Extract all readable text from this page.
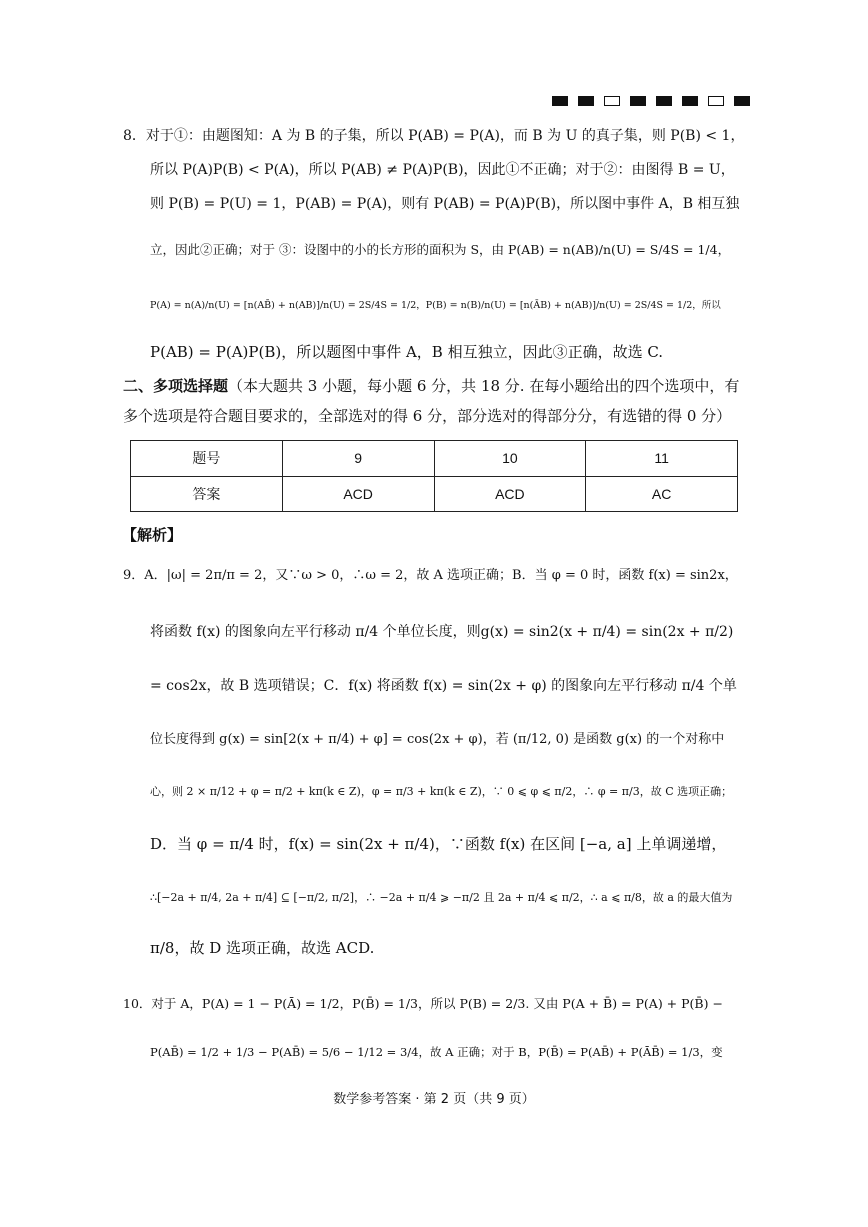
8．对于①：由题图知：A 为 B 的子集，所以 P(AB) = P(A)，而 B 为 U 的真子集，则 P(B) < 1，
所以 P(A)P(B) < P(A)，所以 P(AB) ≠ P(A)P(B)，因此①不正确；对于②：由图得 B = U，
则 P(B) = P(U) = 1，P(AB) = P(A)，则有 P(AB) = P(A)P(B)，所以图中事件 A，B 相互独
立，因此②正确；对于 ③：设图中的小的长方形的面积为 S，由 P(AB) = n(AB)/n(U) = S/4S = 1/4，
P(A) = n(A)/n(U) = [n(AB̄) + n(AB)]/n(U) = 2S/4S = 1/2，P(B) = n(B)/n(U) = [n(ĀB) + n(AB)]/n(U) = 2S/4S = 1/2，所以
P(AB) = P(A)P(B)，所以题图中事件 A，B 相互独立，因此③正确，故选 C.
二、多项选择题（本大题共 3 小题，每小题 6 分，共 18 分. 在每小题给出的四个选项中，有
多个选项是符合题目要求的，全部选对的得 6 分，部分选对的得部分分，有选错的得 0 分）
题号	9	10	11
答案	ACD	ACD	AC
【解析】
9．A．|ω| = 2π/π = 2，又∵ω > 0，∴ω = 2，故 A 选项正确；B．当 φ = 0 时，函数 f(x) = sin2x，
将函数 f(x) 的图象向左平行移动 π/4 个单位长度，则g(x) = sin2(x + π/4) = sin(2x + π/2)
= cos2x，故 B 选项错误；C．f(x) 将函数 f(x) = sin(2x + φ) 的图象向左平行移动 π/4 个单
位长度得到 g(x) = sin[2(x + π/4) + φ] = cos(2x + φ)，若 (π/12, 0) 是函数 g(x) 的一个对称中
心，则 2 × π/12 + φ = π/2 + kπ(k ∈ Z)，φ = π/3 + kπ(k ∈ Z)，∵ 0 ⩽ φ ⩽ π/2，∴ φ = π/3，故 C 选项正确；
D．当 φ = π/4 时，f(x) = sin(2x + π/4)，∵函数 f(x) 在区间 [−a, a] 上单调递增，
∴[−2a + π/4, 2a + π/4] ⊆ [−π/2, π/2]，∴ −2a + π/4 ⩾ −π/2 且 2a + π/4 ⩽ π/2，∴ a ⩽ π/8，故 a 的最大值为
π/8，故 D 选项正确，故选 ACD.
10．对于 A，P(A) = 1 − P(Ā) = 1/2，P(B̄) = 1/3，所以 P(B) = 2/3. 又由 P(A + B̄) = P(A) + P(B̄) −
P(AB̄) = 1/2 + 1/3 − P(AB̄) = 5/6 − 1/12 = 3/4，故 A 正确；对于 B，P(B̄) = P(AB̄) + P(ĀB̄) = 1/3，变
数学参考答案 · 第 2 页（共 9 页）
